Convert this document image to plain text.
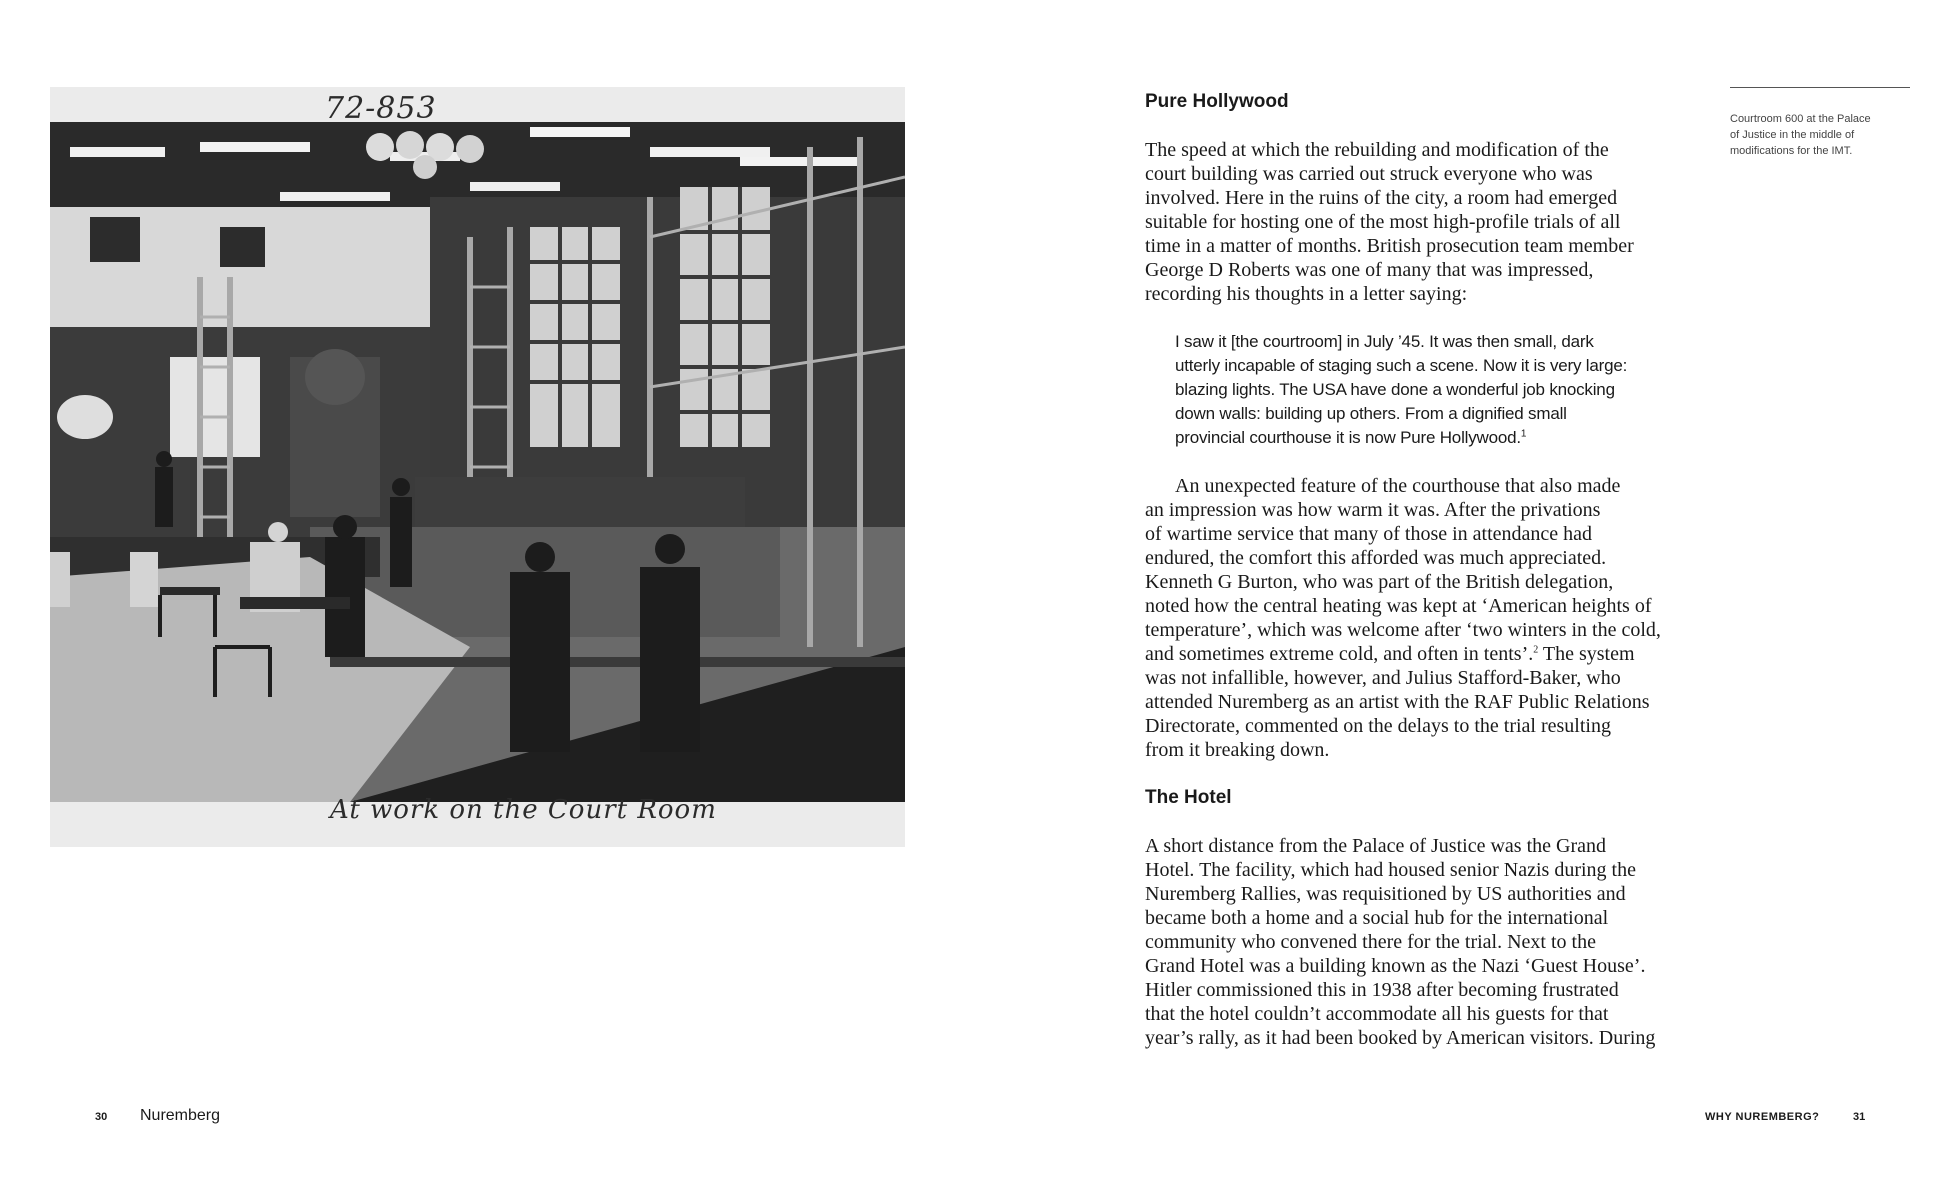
72-853
At work on the Court Room
Pure Hollywood

The speed at which the rebuilding and modification of the
court building was carried out struck everyone who was
involved. Here in the ruins of the city, a room had emerged
suitable for hosting one of the most high-profile trials of all
time in a matter of months. British prosecution team member
George D Roberts was one of many that was impressed,
recording his thoughts in a letter saying:

I saw it [the courtroom] in July ’45. It was then small, dark
utterly incapable of staging such a scene. Now it is very large:
blazing lights. The USA have done a wonderful job knocking
down walls: building up others. From a dignified small
provincial courthouse it is now Pure Hollywood.$^1$

An unexpected feature of the courthouse that also made
an impression was how warm it was. After the privations
of wartime service that many of those in attendance had
endured, the comfort this afforded was much appreciated.
Kenneth G Burton, who was part of the British delegation,
noted how the central heating was kept at ‘American heights of
temperature’, which was welcome after ‘two winters in the cold,
and sometimes extreme cold, and often in tents’.$^2$ The system
was not infallible, however, and Julius Stafford-Baker, who
attended Nuremberg as an artist with the RAF Public Relations
Directorate, commented on the delays to the trial resulting
from it breaking down.

The Hotel

A short distance from the Palace of Justice was the Grand
Hotel. The facility, which had housed senior Nazis during the
Nuremberg Rallies, was requisitioned by US authorities and
became both a home and a social hub for the international
community who convened there for the trial. Next to the
Grand Hotel was a building known as the Nazi ‘Guest House’.
Hitler commissioned this in 1938 after becoming frustrated
that the hotel couldn’t accommodate all his guests for that
year’s rally, as it had been booked by American visitors. During

Courtroom 600 at the Palace
of Justice in the middle of
modifications for the IMT.
30 Nuremberg	WHY NUREMBERG?	31
